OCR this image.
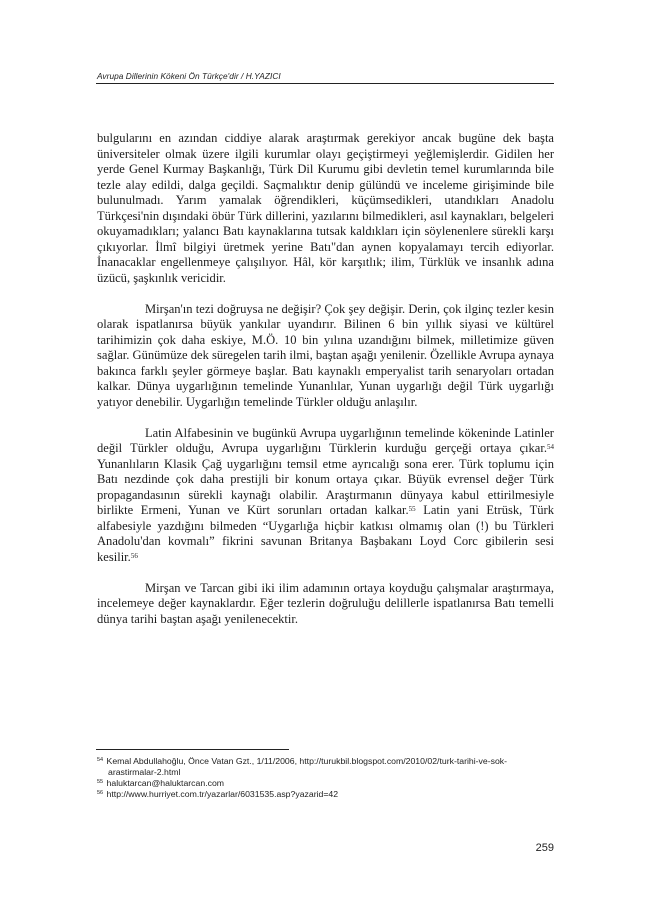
Avrupa Dillerinin Kökeni Ön Türkçe'dir / H.YAZICI

bulgularını en azından ciddiye alarak araştırmak gerekiyor ancak bugüne dek başta üniversiteler olmak üzere ilgili kurumlar olayı geçiştirmeyi yeğlemişlerdir. Gidilen her yerde Genel Kurmay Başkanlığı, Türk Dil Kurumu gibi devletin temel kurumlarında bile tezle alay edildi, dalga geçildi. Saçmalıktır denip gülündü ve inceleme girişiminde bile bulunulmadı. Yarım yamalak öğrendikleri, küçümsedikleri, utandıkları Anadolu Türkçesi'nin dışındaki öbür Türk dillerini, yazılarını bilmedikleri, asıl kaynakları, belgeleri okuyamadıkları; yalancı Batı kaynaklarına tutsak kaldıkları için söylenenlere sürekli karşı çıkıyorlar. İlmî bilgiyi üretmek yerine Batı"dan aynen kopyalamayı tercih ediyorlar. İnanacaklar engellenmeye çalışılıyor. Hâl, kör karşıtlık; ilim, Türklük ve insanlık adına üzücü, şaşkınlık vericidir.

Mirşan'ın tezi doğruysa ne değişir? Çok şey değişir. Derin, çok ilginç tezler kesin olarak ispatlanırsa büyük yankılar uyandırır. Bilinen 6 bin yıllık siyasi ve kültürel tarihimizin çok daha eskiye, M.Ö. 10 bin yılına uzandığını bilmek, milletimize güven sağlar. Günümüze dek süregelen tarih ilmi, baştan aşağı yenilenir. Özellikle Avrupa aynaya bakınca farklı şeyler görmeye başlar. Batı kaynaklı emperyalist tarih senaryoları ortadan kalkar. Dünya uygarlığının temelinde Yunanlılar, Yunan uygarlığı değil Türk uygarlığı yatıyor denebilir. Uygarlığın temelinde Türkler olduğu anlaşılır.

Latin Alfabesinin ve bugünkü Avrupa uygarlığının temelinde kökeninde Latinler değil Türkler olduğu, Avrupa uygarlığını Türklerin kurduğu gerçeği ortaya çıkar.$^{54}$ Yunanlıların Klasik Çağ uygarlığını temsil etme ayrıcalığı sona erer. Türk toplumu için Batı nezdinde çok daha prestijli bir konum ortaya çıkar. Büyük evrensel değer Türk propagandasının sürekli kaynağı olabilir. Araştırmanın dünyaya kabul ettirilmesiyle birlikte Ermeni, Yunan ve Kürt sorunları ortadan kalkar.$^{55}$ Latin yani Etrüsk, Türk alfabesiyle yazdığını bilmeden “Uygarlığa hiçbir katkısı olmamış olan (!) bu Türkleri Anadolu'dan kovmalı” fikrini savunan Britanya Başbakanı Loyd Corc gibilerin sesi kesilir.$^{56}$

Mirşan ve Tarcan gibi iki ilim adamının ortaya koyduğu çalışmalar araştırmaya, incelemeye değer kaynaklardır. Eğer tezlerin doğruluğu delillerle ispatlanırsa Batı temelli dünya tarihi baştan aşağı yenilenecektir.

$^{54}$ Kemal Abdullahoğlu, Önce Vatan Gzt., 1/11/2006, http://turukbil.blogspot.com/2010/02/turk-tarihi-ve-sok-
arastirmalar-2.html

$^{55}$ haluktarcan@haluktarcan.com

$^{56}$ http://www.hurriyet.com.tr/yazarlar/6031535.asp?yazarid=42

259
